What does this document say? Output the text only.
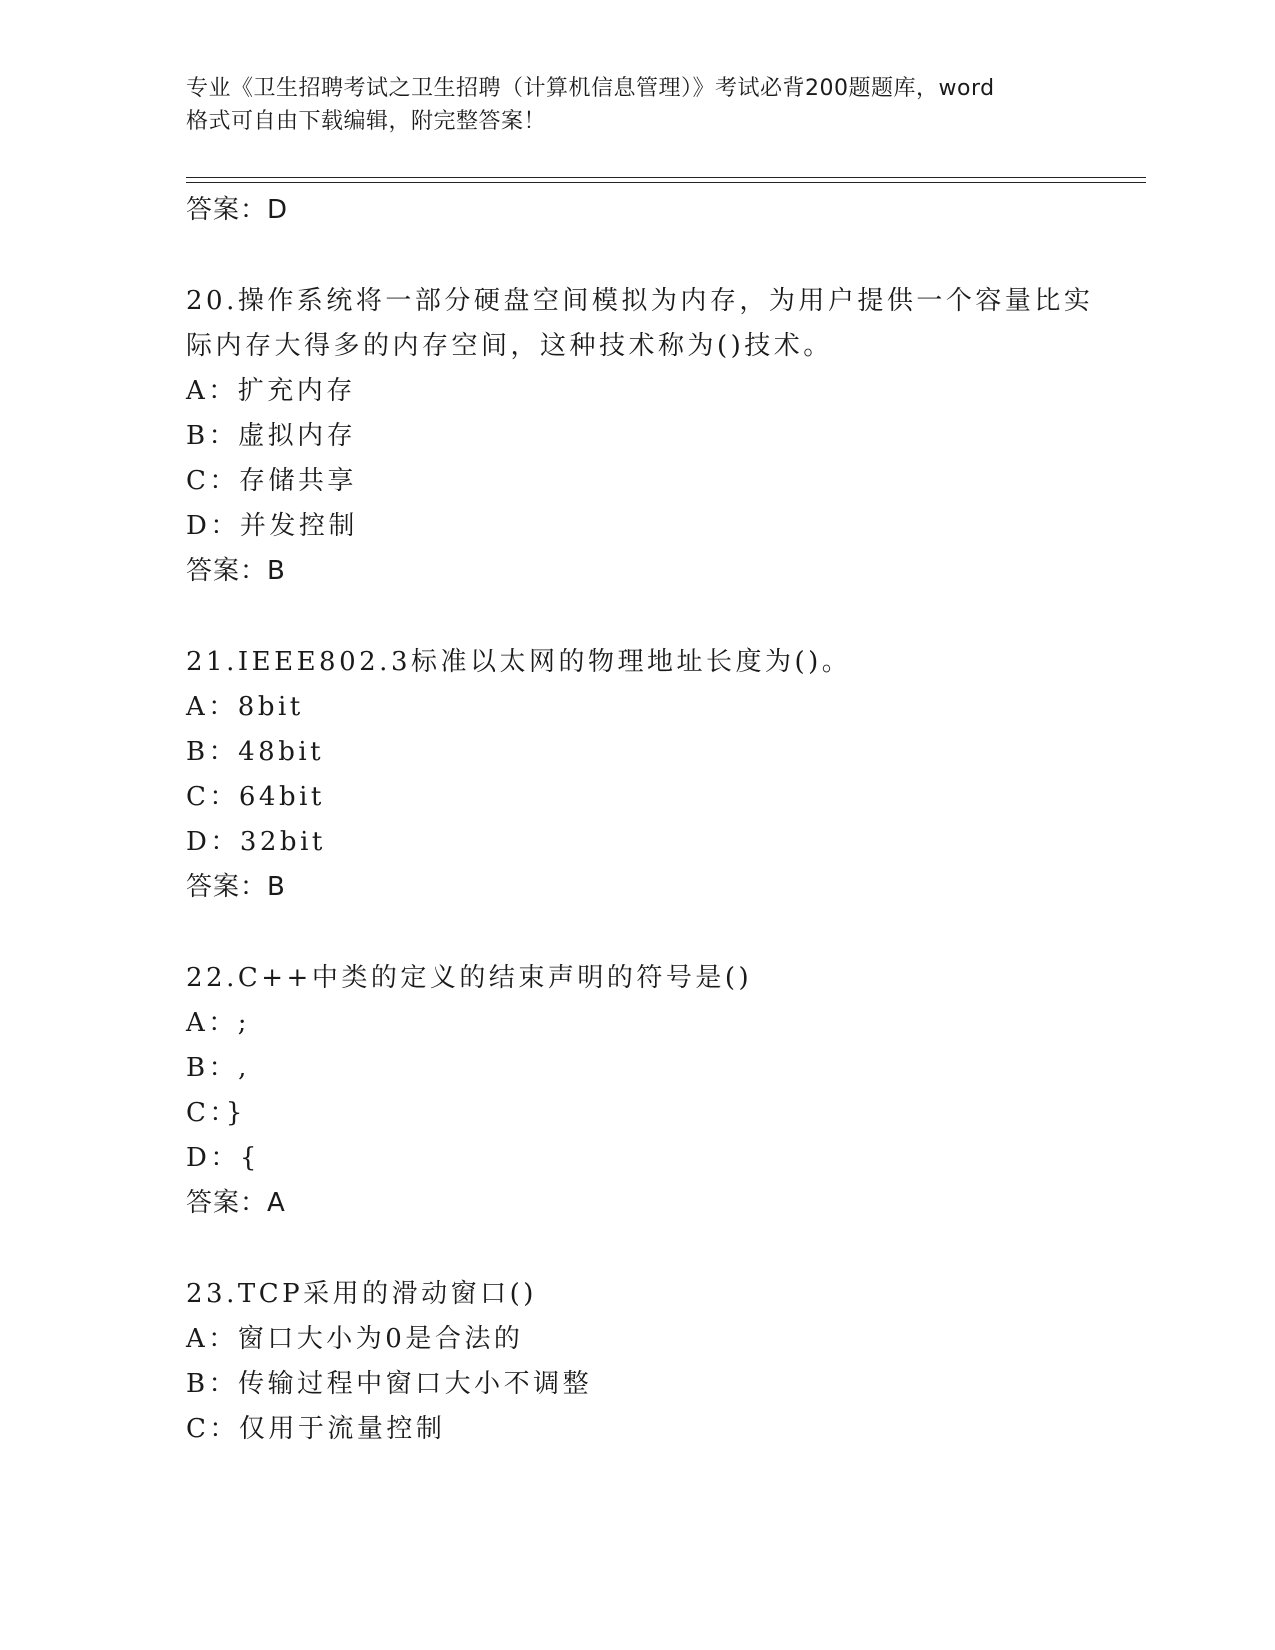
专业《卫生招聘考试之卫生招聘（计算机信息管理）》考试必背200题题库，word
格式可自由下载编辑，附完整答案！
答案：D
20.操作系统将一部分硬盘空间模拟为内存，为用户提供一个容量比实
际内存大得多的内存空间，这种技术称为()技术。
A：扩充内存
B：虚拟内存
C：存储共享
D：并发控制
答案：B
21.IEEE802.3标准以太网的物理地址长度为()。
A：8bit
B：48bit
C：64bit
D：32bit
答案：B
22.C++中类的定义的结束声明的符号是()
A：;
B：,
C：}
D：{
答案：A
23.TCP采用的滑动窗口()
A：窗口大小为0是合法的
B：传输过程中窗口大小不调整
C：仅用于流量控制
